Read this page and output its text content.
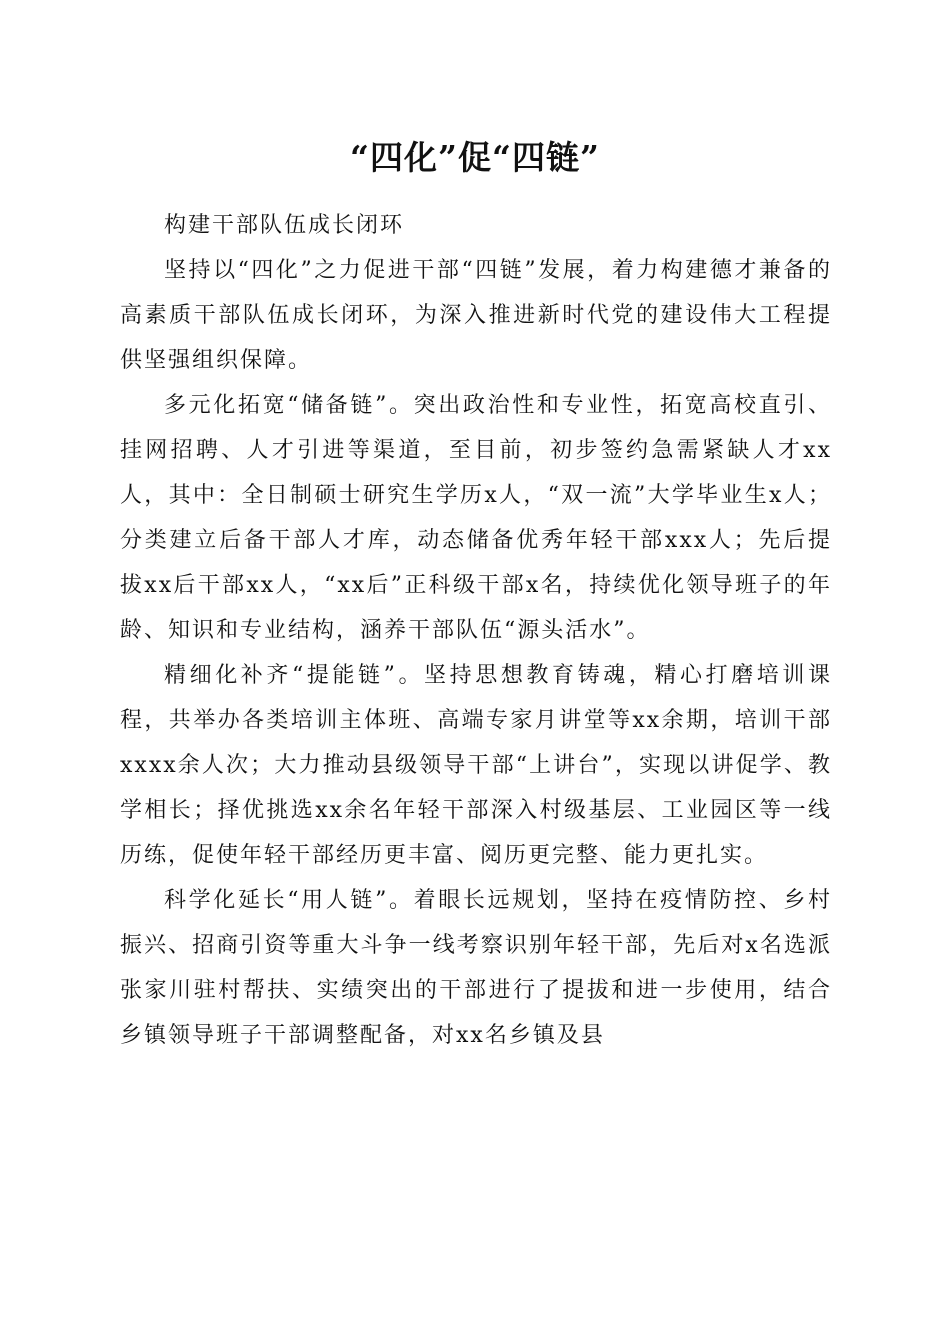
“四化”促“四链”

构建干部队伍成长闭环

坚持以“四化”之力促进干部“四链”发展，着力构建德才兼备的高素质干部队伍成长闭环，为深入推进新时代党的建设伟大工程提供坚强组织保障。

多元化拓宽“储备链”。突出政治性和专业性，拓宽高校直引、挂网招聘、人才引进等渠道，至目前，初步签约急需紧缺人才xx人，其中：全日制硕士研究生学历x人，“双一流”大学毕业生x人；分类建立后备干部人才库，动态储备优秀年轻干部xxx人；先后提拔xx后干部xx人，“xx后”正科级干部x名，持续优化领导班子的年龄、知识和专业结构，涵养干部队伍“源头活水”。

精细化补齐“提能链”。坚持思想教育铸魂，精心打磨培训课程，共举办各类培训主体班、高端专家月讲堂等xx余期，培训干部xxxx余人次；大力推动县级领导干部“上讲台”，实现以讲促学、教学相长；择优挑选xx余名年轻干部深入村级基层、工业园区等一线历练，促使年轻干部经历更丰富、阅历更完整、能力更扎实。

科学化延长“用人链”。着眼长远规划，坚持在疫情防控、乡村振兴、招商引资等重大斗争一线考察识别年轻干部，先后对x名选派张家川驻村帮扶、实绩突出的干部进行了提拔和进一步使用，结合乡镇领导班子干部调整配备，对xx名乡镇及县
